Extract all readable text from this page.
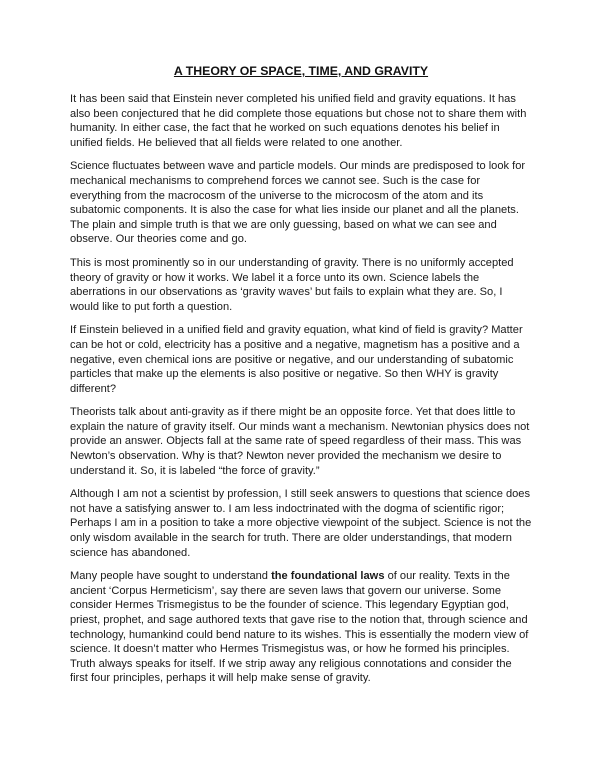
A THEORY OF SPACE, TIME, AND GRAVITY

It has been said that Einstein never completed his unified field and gravity equations. It has also been conjectured that he did complete those equations but chose not to share them with humanity. In either case, the fact that he worked on such equations denotes his belief in unified fields. He believed that all fields were related to one another.

Science fluctuates between wave and particle models. Our minds are predisposed to look for mechanical mechanisms to comprehend forces we cannot see. Such is the case for everything from the macrocosm of the universe to the microcosm of the atom and its subatomic components. It is also the case for what lies inside our planet and all the planets. The plain and simple truth is that we are only guessing, based on what we can see and observe. Our theories come and go.

This is most prominently so in our understanding of gravity. There is no uniformly accepted theory of gravity or how it works. We label it a force unto its own. Science labels the aberrations in our observations as ‘gravity waves’ but fails to explain what they are. So, I would like to put forth a question.

If Einstein believed in a unified field and gravity equation, what kind of field is gravity? Matter can be hot or cold, electricity has a positive and a negative, magnetism has a positive and a negative, even chemical ions are positive or negative, and our understanding of subatomic particles that make up the elements is also positive or negative. So then WHY is gravity different?

Theorists talk about anti-gravity as if there might be an opposite force. Yet that does little to explain the nature of gravity itself. Our minds want a mechanism. Newtonian physics does not provide an answer. Objects fall at the same rate of speed regardless of their mass. This was Newton’s observation. Why is that? Newton never provided the mechanism we desire to understand it. So, it is labeled “the force of gravity.”

Although I am not a scientist by profession, I still seek answers to questions that science does not have a satisfying answer to. I am less indoctrinated with the dogma of scientific rigor; Perhaps I am in a position to take a more objective viewpoint of the subject. Science is not the only wisdom available in the search for truth. There are older understandings, that modern science has abandoned.

Many people have sought to understand the foundational laws of our reality. Texts in the ancient ‘Corpus Hermeticism’, say there are seven laws that govern our universe. Some consider Hermes Trismegistus to be the founder of science. This legendary Egyptian god, priest, prophet, and sage authored texts that gave rise to the notion that, through science and technology, humankind could bend nature to its wishes. This is essentially the modern view of science. It doesn’t matter who Hermes Trismegistus was, or how he formed his principles. Truth always speaks for itself. If we strip away any religious connotations and consider the first four principles, perhaps it will help make sense of gravity.
